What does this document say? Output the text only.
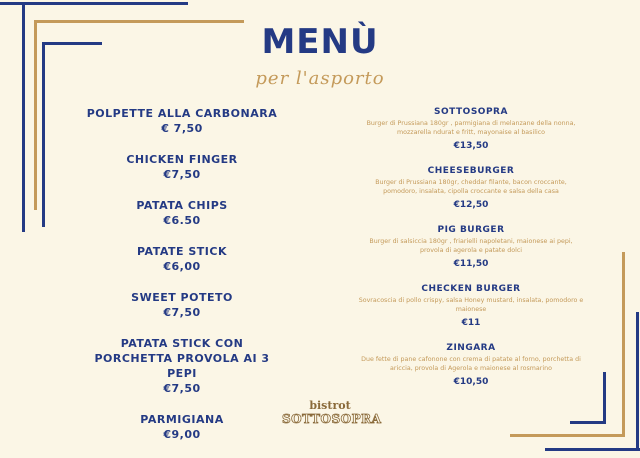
MENÙ
per l'asporto
POLPETTE ALLA CARBONARA
€ 7,50
CHICKEN FINGER
€7,50
PATATA CHIPS
€6.50
PATATE STICK
€6,00
SWEET POTETO
€7,50
PATATA STICK CON PORCHETTA PROVOLA AI 3 PEPI
€7,50
PARMIGIANA
€9,00
SOTTOSOPRA
Burger di Prussiana 180gr , parmigiana di melanzane della nonna, mozzarella ndurat e fritt, mayonaise al basilico
€13,50
CHEESEBURGER
Burger di Prussiana 180gr, cheddar filante, bacon croccante, pomodoro, insalata, cipolla croccante e salsa della casa
€12,50
PIG BURGER
Burger di salsiccia 180gr , friarielli napoletani, maionese ai pepi, provola di agerola e patate dolci
€11,50
CHECKEN BURGER
Sovracoscia di pollo crispy, salsa Honey mustard, insalata, pomodoro e maionese
€11
ZINGARA
Due fette di pane cafonone con crema di patate al forno, porchetta di ariccia, provola di Agerola e maionese al rosmarino
€10,50
bistrot
SOTTOSOPRA
